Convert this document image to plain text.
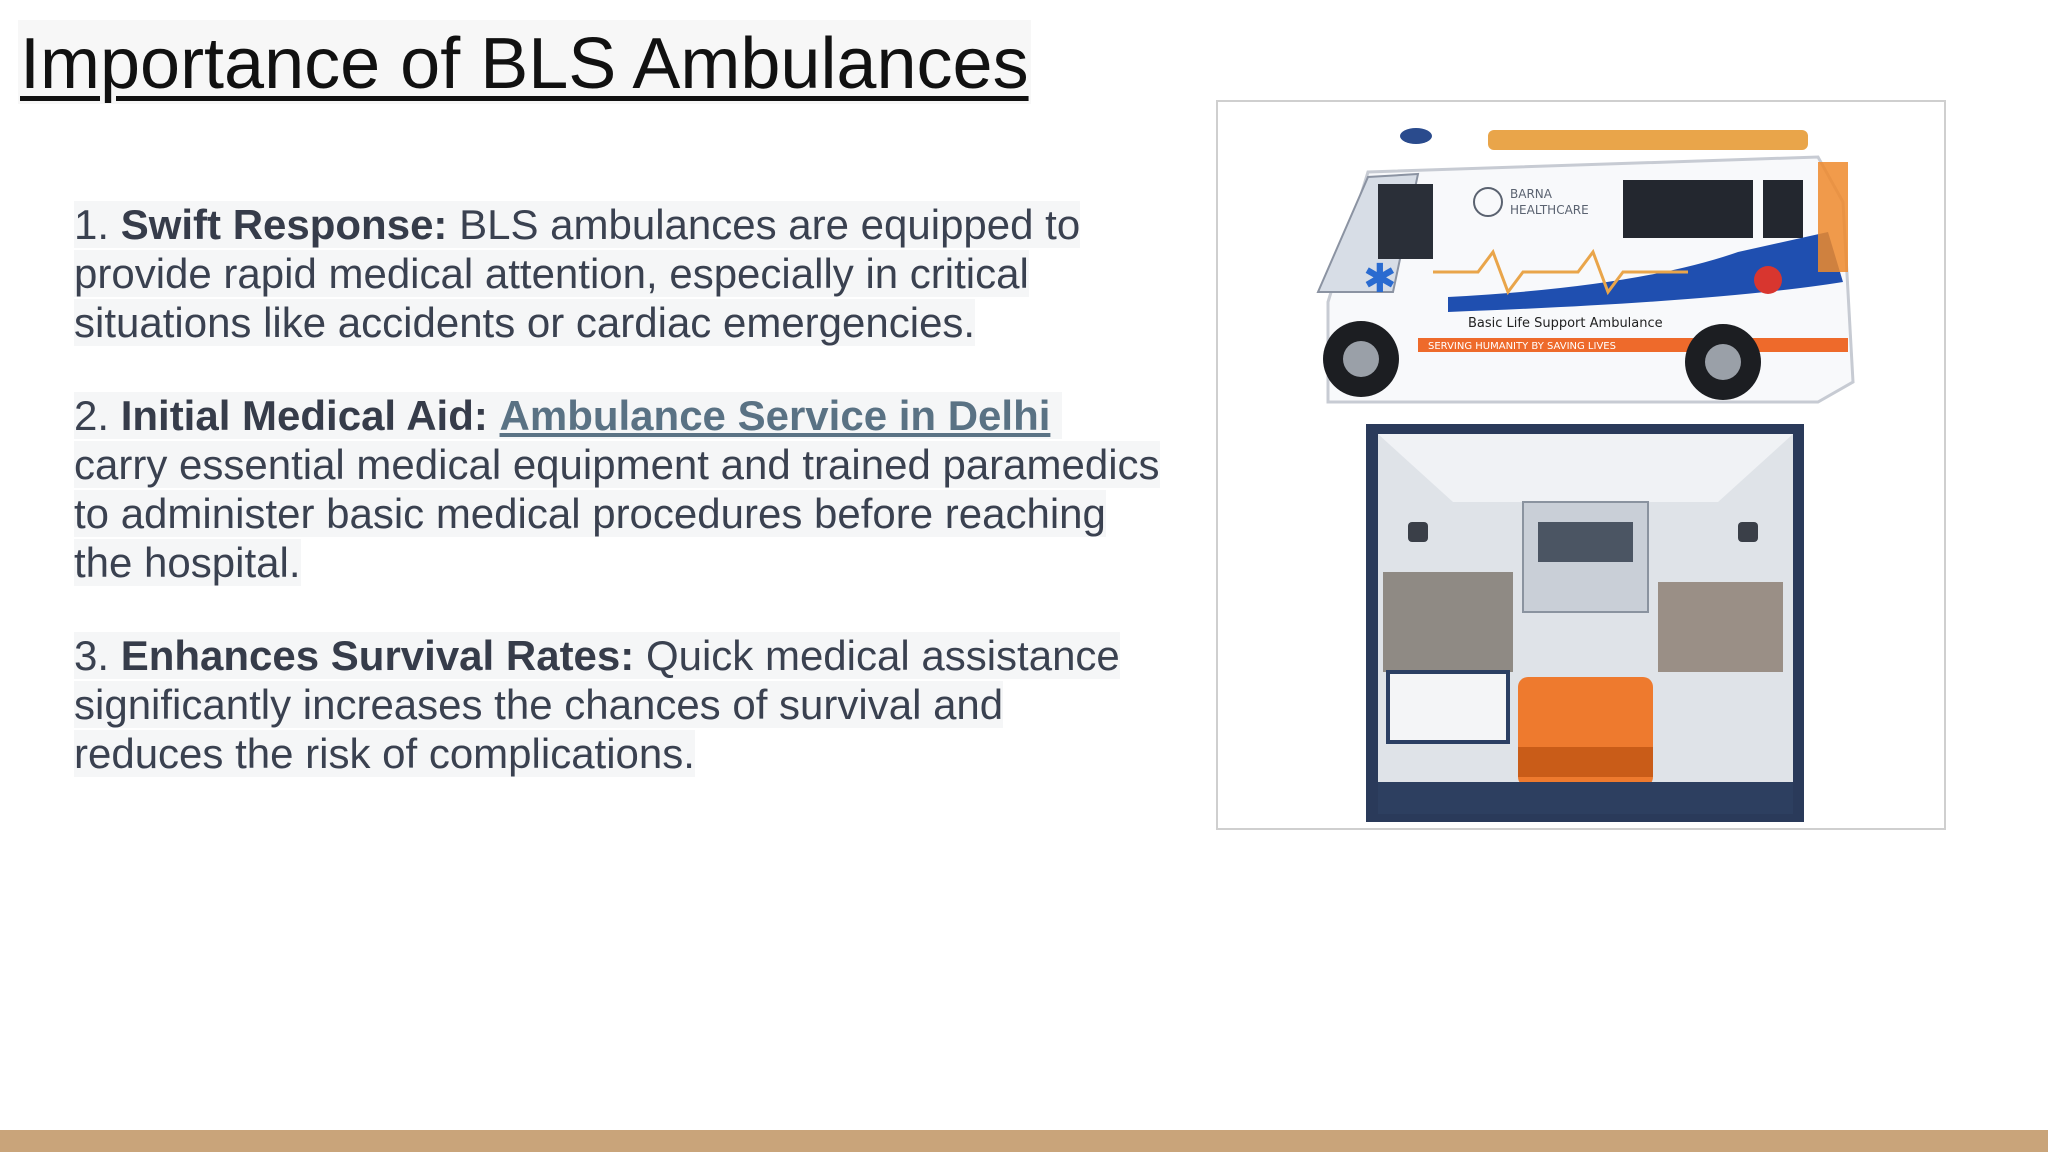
Importance of BLS Ambulances

1. Swift Response: BLS ambulances are equipped to provide rapid medical attention, especially in critical situations like accidents or cardiac emergencies.

2. Initial Medical Aid: Ambulance Service in Delhi  carry essential medical equipment and trained paramedics to administer basic medical procedures before reaching the hospital.

3. Enhances Survival Rates: Quick medical assistance significantly increases the chances of survival and reduces the risk of complications.

✱
BARNA
HEALTHCARE
Basic Life Support Ambulance
SERVING HUMANITY BY SAVING LIVES
